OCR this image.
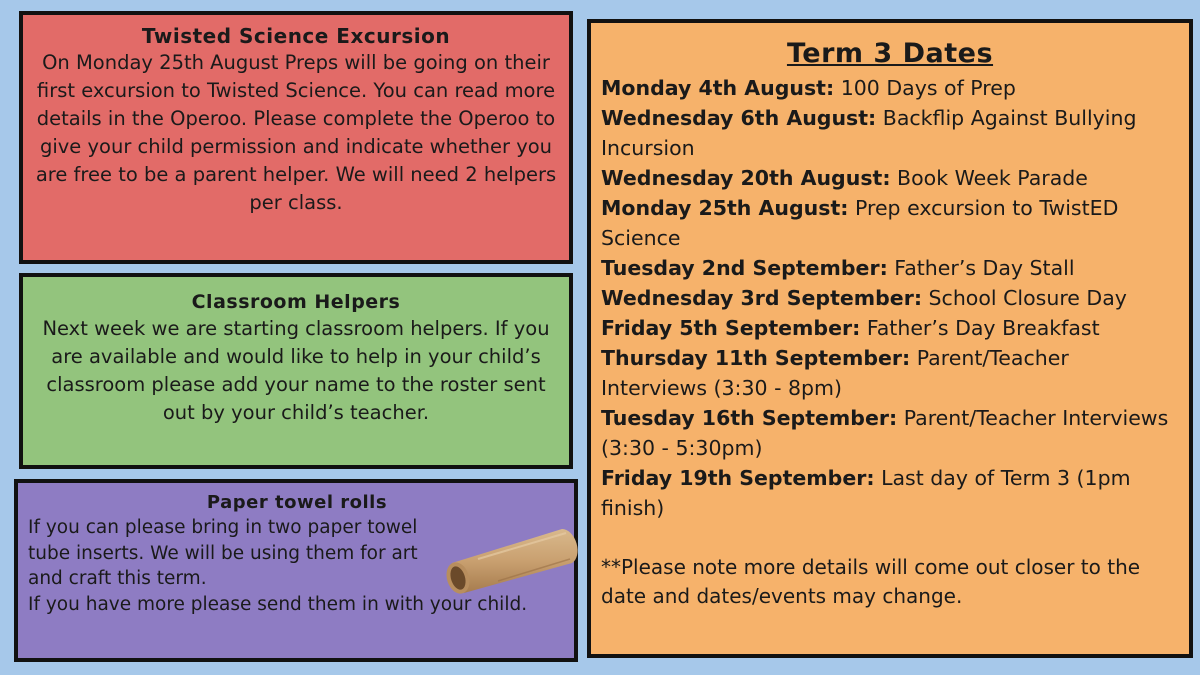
Twisted Science Excursion

On Monday 25th August Preps will be going on their first excursion to Twisted Science. You can read more details in the Operoo. Please complete the Operoo to give your child permission and indicate whether you are free to be a parent helper. We will need 2 helpers per class.

Classroom Helpers

Next week we are starting classroom helpers. If you are available and would like to help in your child’s classroom please add your name to the roster sent out by your child’s teacher.

Paper towel rolls

If you can please bring in two paper towel tube inserts. We will be using them for art and craft this term.

If you have more please send them in with your child.

Term 3 Dates

Monday 4th August: 100 Days of Prep

Wednesday 6th August: Backflip Against Bullying Incursion

Wednesday 20th August: Book Week Parade

Monday 25th August: Prep excursion to TwistED Science

Tuesday 2nd September: Father’s Day Stall

Wednesday 3rd September: School Closure Day

Friday 5th September: Father’s Day Breakfast

Thursday 11th September: Parent/Teacher Interviews (3:30 - 8pm)

Tuesday 16th September: Parent/Teacher Interviews (3:30 - 5:30pm)

Friday 19th September: Last day of Term 3 (1pm finish)

**Please note more details will come out closer to the date and dates/events may change.
